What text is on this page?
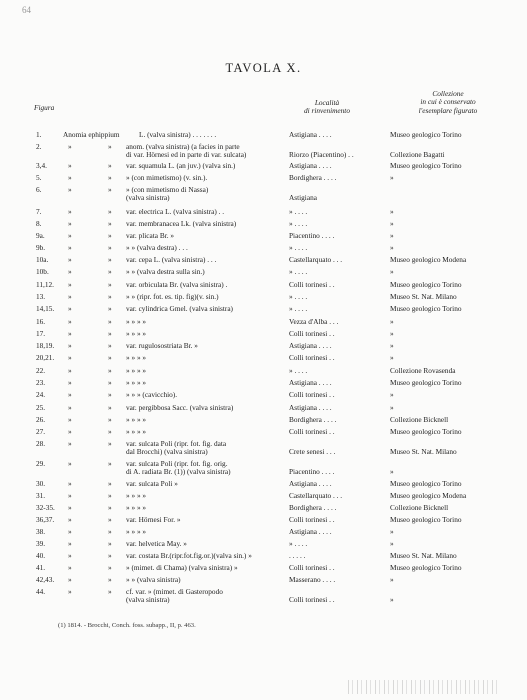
64
TAVOLA X.
Figura
Località
di rinvenimento
Collezione
in cui è conservato
l'esemplare figurato
1.	Anomia ephippium	L. (valva sinistra) . . . . . . .	Astigiana . . . .	Museo geologico Torino
2.	»	» anom. (valva sinistra) (a facies in parte
di var. Hörnesi ed in parte di var. sulcata)	Riorzo (Piacentino) . .	Collezione Bagatti
3,4.	»	» var. squamula L. (an juv.) (valva sin.)	Astigiana . . . .	Museo geologico Torino
5.	»	» » (con mimetismo) (v. sin.).	Bordighera . . . .	»
6.	»	» » (con mimetismo di Nassa)
(valva sinistra)	Astigiana
7.	»	» var. electrica L. (valva sinistra) . .	» . . . .	»
8.	»	» var. membranacea Lk. (valva sinistra)	» . . . .	»
9a.	»	» var. plicata Br. »	Piacentino . . . .	»
9b.	»	» » » (valva destra) . . .	» . . . .	»
10a.	»	» var. cepa L. (valva sinistra) . . .	Castellarquato . . .	Museo geologico Modena
10b.	»	» » » (valva destra sulla sin.)	» . . . .	»
11,12. »	» var. orbiculata Br. (valva sinistra) .	Colli torinesi . .	Museo geologico Torino
13.	»	» » » (ripr. fot. es. tip. fig)(v. sin.)	» . . . .	Museo St. Nat. Milano
14,15. »	» var. cylindrica Gmel. (valva sinistra)	» . . . .	Museo geologico Torino
16.	»	» » » » »	Vezza d'Alba . . .	»
17.	»	» » » » »	Colli torinesi . .	»
18,19. »	» var. rugulosostriata Br. »	Astigiana . . . .	»
20,21. »	» » » » »	Colli torinesi . .	»
22.	»	» » » » »	» . . . .	Collezione Rovasenda
23.	»	» » » » »	Astigiana . . . .	Museo geologico Torino
24.	»	» » » » (cavicchio).	Colli torinesi . .	»
25.	»	» var. pergibbosa Sacc. (valva sinistra)	Astigiana . . . .	»
26.	»	» » » » »	Bordighera . . . .	Collezione Bicknell
27.	»	» » » » »	Colli torinesi . .	Museo geologico Torino
28.	»	» var. sulcata Poli (ripr. fot. fig. data
dal Brocchi) (valva sinistra)	Crete senesi . . .	Museo St. Nat. Milano
29.	»	» var. sulcata Poli (ripr. fot. fig. orig.
di A. radiata Br. (1)) (valva sinistra)	Piacentino . . . .	»
30.	»	» var. sulcata Poli »	Astigiana . . . .	Museo geologico Torino
31.	»	» » » » »	Castellarquato . . .	Museo geologico Modena
32-35. »	» » » » »	Bordighera . . . .	Collezione Bicknell
36,37. »	» var. Hörnesi For. »	Colli torinesi . .	Museo geologico Torino
38.	»	» » » » »	Astigiana . . . .	»
39.	»	» var. helvetica May. »	» . . . .	»
40.	»	» var. costata Br.(ripr.fot.fig.or.)(valva sin.) »	. . . . .	Museo St. Nat. Milano
41.	»	» » (mimet. di Chama) (valva sinistra) »	Colli torinesi . .	Museo geologico Torino
42,43. »	» » » (valva sinistra)	Masserano . . . .	»
44.	»	» cf. var. » (mimet. di Gasteropodo
(valva sinistra)	Colli torinesi . .	»
(1) 1814. - Brocchi, Conch. foss. subapp., II, p. 463.
